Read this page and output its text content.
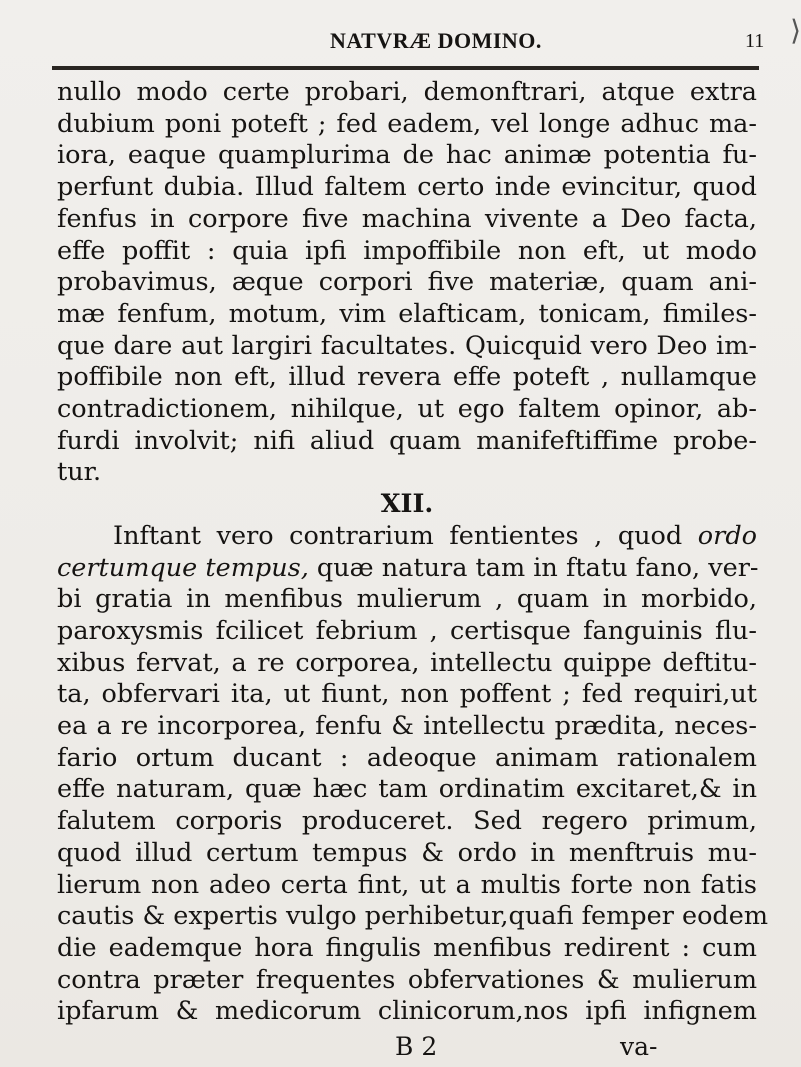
⟩
NATVRÆ DOMINO.	11
nullo modo certe probari, demonftrari, atque extra
dubium poni poteft ; fed eadem, vel longe adhuc ma-
iora, eaque quamplurima de hac animæ potentia fu-
perfunt dubia. Illud faltem certo inde evincitur, quod
fenfus in corpore five machina vivente a Deo facta,
effe poffit : quia ipfi impoffibile non eft, ut modo
probavimus, æque corpori five materiæ, quam ani-
mæ fenfum, motum, vim elafticam, tonicam, fimiles-
que dare aut largiri facultates. Quicquid vero Deo im-
poffibile non eft, illud revera effe poteft , nullamque
contradictionem, nihilque, ut ego faltem opinor, ab-
furdi involvit; nifi aliud quam manifeftiffime probe-
tur.
XII.
Inftant vero contrarium fentientes , quod ordo
certumque tempus, quæ natura tam in ftatu fano, ver-
bi gratia in menfibus mulierum , quam in morbido,
paroxysmis fcilicet febrium , certisque fanguinis flu-
xibus fervat, a re corporea, intellectu quippe deftitu-
ta, obfervari ita, ut fiunt, non poffent ; fed requiri,ut
ea a re incorporea, fenfu & intellectu prædita, neces-
fario ortum ducant : adeoque animam rationalem
effe naturam, quæ hæc tam ordinatim excitaret,& in
falutem corporis produceret. Sed regero primum,
quod illud certum tempus & ordo in menftruis mu-
lierum non adeo certa fint, ut a multis forte non fatis
cautis & expertis vulgo perhibetur,quafi femper eodem
die eademque hora fingulis menfibus redirent : cum
contra præter frequentes obfervationes & mulierum
ipfarum & medicorum clinicorum,nos ipfi infignem
B 2	va-
